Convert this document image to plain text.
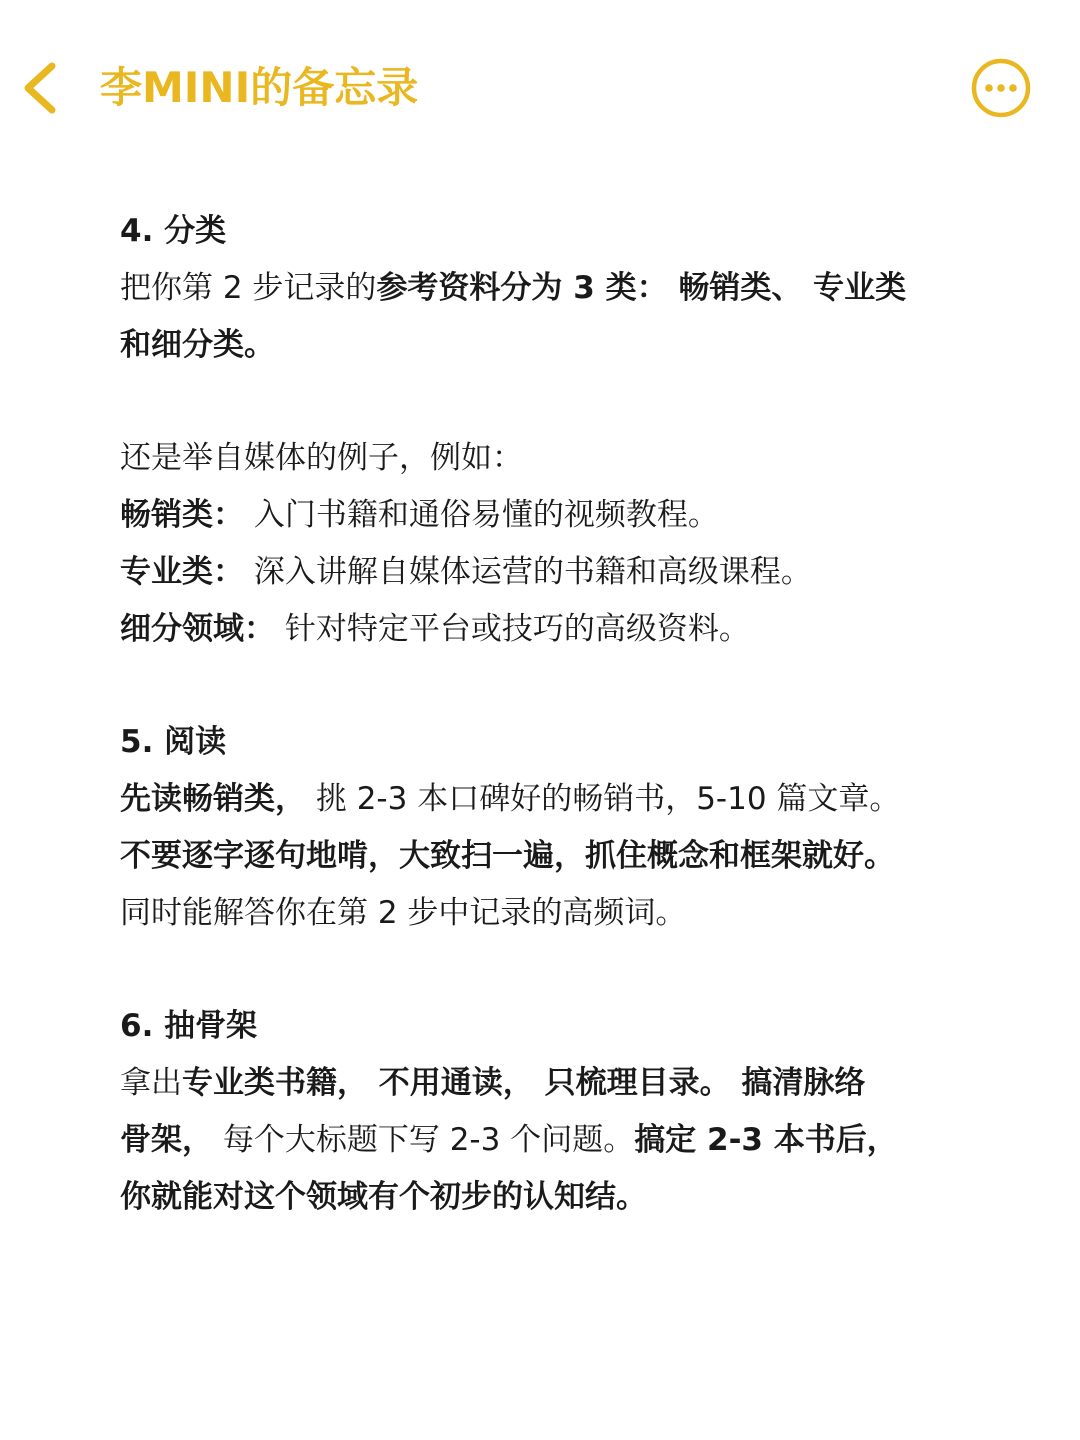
李MINI的备忘录
4. 分类
把你第 2 步记录的参考资料分为 3 类： 畅销类、 专业类
和细分类。
还是举自媒体的例子，例如：
畅销类： 入门书籍和通俗易懂的视频教程。
专业类： 深入讲解自媒体运营的书籍和高级课程。
细分领域： 针对特定平台或技巧的高级资料。
5. 阅读
先读畅销类， 挑 2-3 本口碑好的畅销书，5-10 篇文章。
不要逐字逐句地啃，大致扫一遍，抓住概念和框架就好。
同时能解答你在第 2 步中记录的高频词。
6. 抽骨架
拿出专业类书籍， 不用通读， 只梳理目录。 搞清脉络
骨架， 每个大标题下写 2-3 个问题。搞定 2-3 本书后，
你就能对这个领域有个初步的认知结。
